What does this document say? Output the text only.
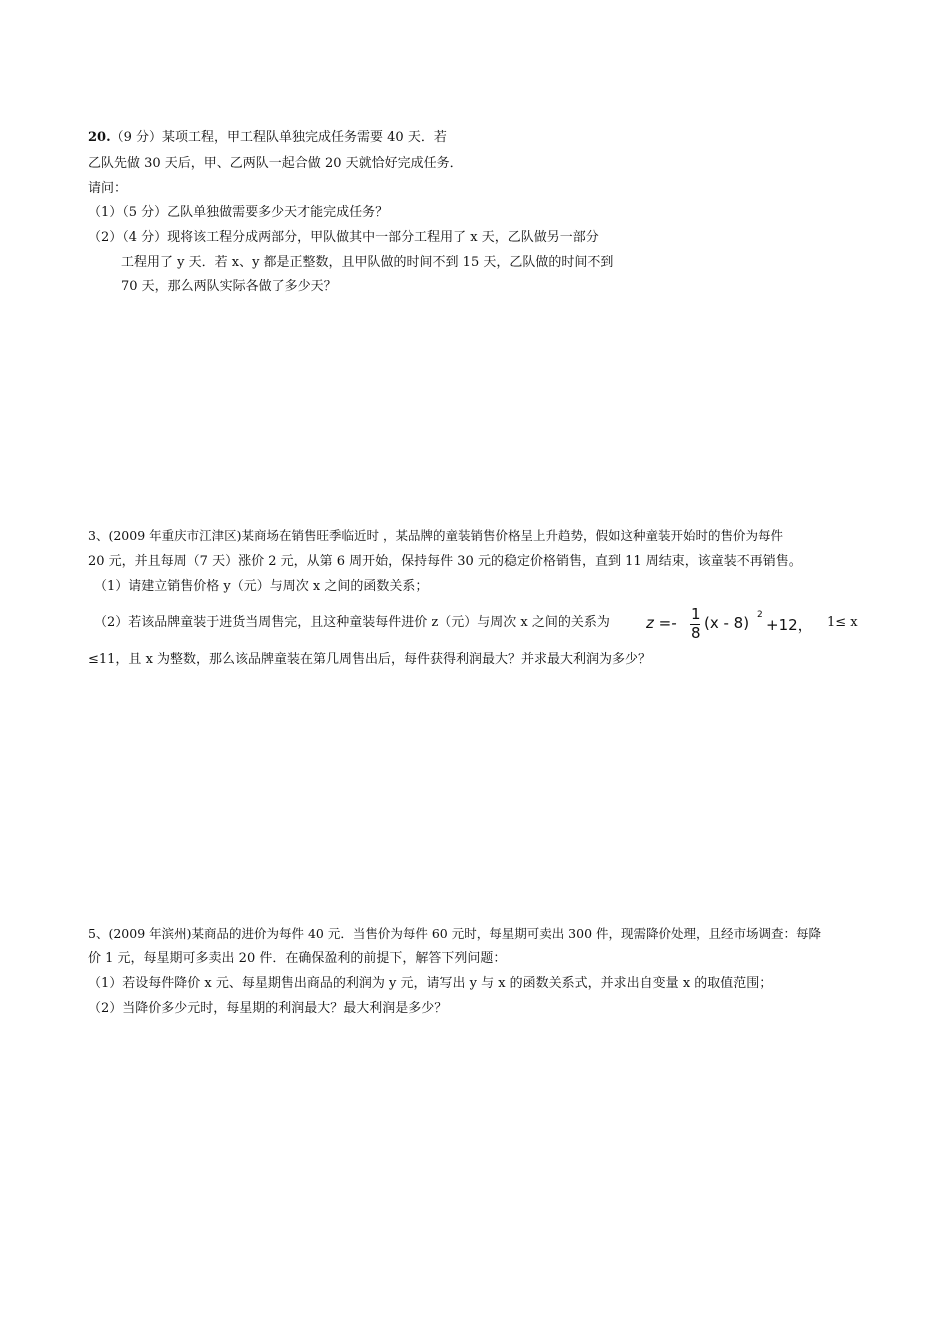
20.（9 分）某项工程，甲工程队单独完成任务需要 40 天．若
乙队先做 30 天后，甲、乙两队一起合做 20 天就恰好完成任务．
请问：
（1）（5 分）乙队单独做需要多少天才能完成任务？
（2）（4 分）现将该工程分成两部分，甲队做其中一部分工程用了 x 天，乙队做另一部分
工程用了 y 天．若 x、y 都是正整数，且甲队做的时间不到 15 天，乙队做的时间不到
70 天，那么两队实际各做了多少天？
3、(2009 年重庆市江津区)某商场在销售旺季临近时 ，某品牌的童装销售价格呈上升趋势，假如这种童装开始时的售价为每件
20 元，并且每周（7 天）涨价 2 元，从第 6 周开始，保持每件 30 元的稳定价格销售，直到 11 周结束，该童装不再销售。
（1）请建立销售价格 y（元）与周次 x 之间的函数关系；
（2）若该品牌童装于进货当周售完，且这种童装每件进价 z（元）与周次 x 之间的关系为 z =- 1
8
(x - 8) 2
+12， 1≤ x
≤11，且 x 为整数，那么该品牌童装在第几周售出后，每件获得利润最大？并求最大利润为多少？
5、(2009 年滨州)某商品的进价为每件 40 元．当售价为每件 60 元时，每星期可卖出 300 件，现需降价处理，且经市场调查：每降
价 1 元，每星期可多卖出 20 件．在确保盈利的前提下，解答下列问题：
（1）若设每件降价 x 元、每星期售出商品的利润为 y 元，请写出 y 与 x 的函数关系式，并求出自变量 x 的取值范围；
（2）当降价多少元时，每星期的利润最大？最大利润是多少？
